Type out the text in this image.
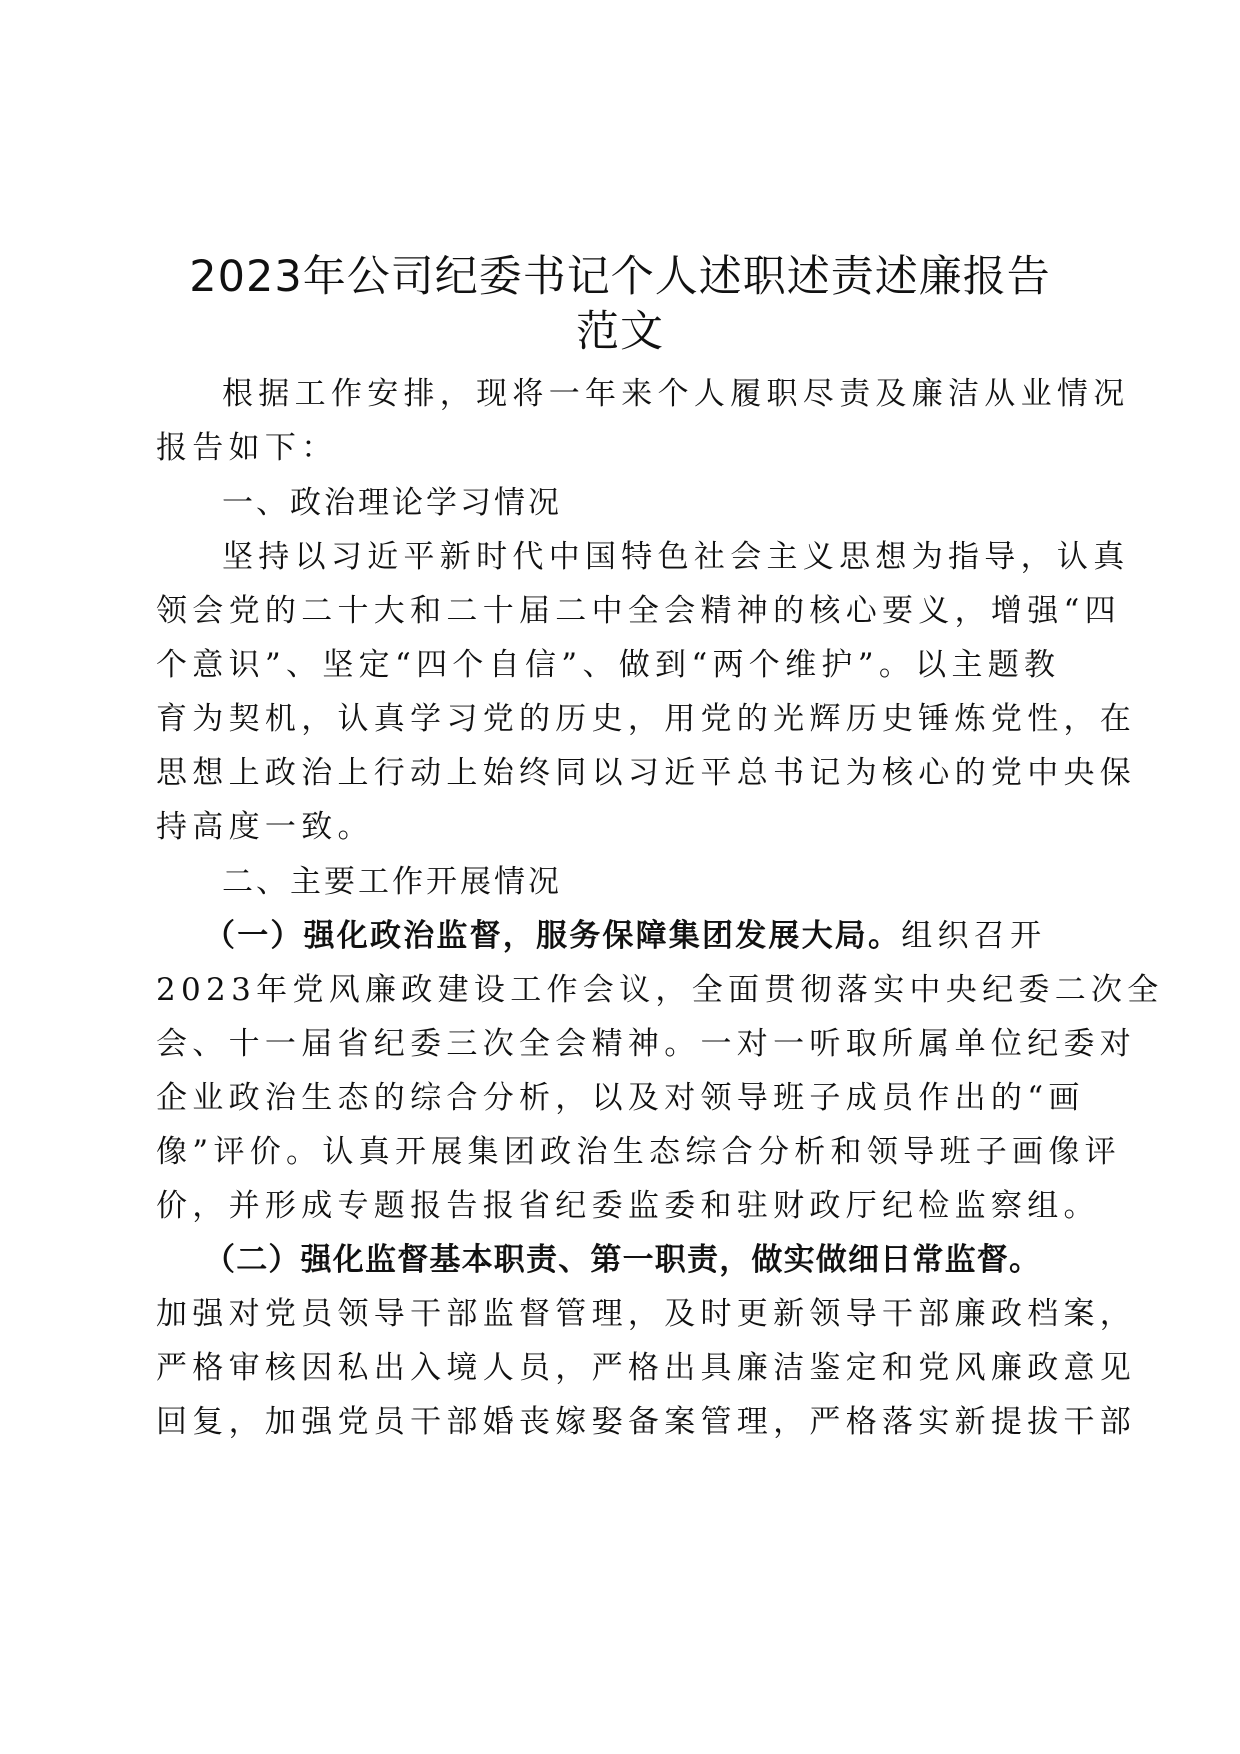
2023年公司纪委书记个人述职述责述廉报告
范文

根据工作安排，现将一年来个人履职尽责及廉洁从业情况

报告如下：

一、政治理论学习情况

坚持以习近平新时代中国特色社会主义思想为指导，认真

领会党的二十大和二十届二中全会精神的核心要义，增强“四

个意识”、坚定“四个自信”、做到“两个维护”。以主题教

育为契机，认真学习党的历史，用党的光辉历史锤炼党性，在

思想上政治上行动上始终同以习近平总书记为核心的党中央保

持高度一致。

二、主要工作开展情况

（一）强化政治监督，服务保障集团发展大局。组织召开

2023年党风廉政建设工作会议，全面贯彻落实中央纪委二次全

会、十一届省纪委三次全会精神。一对一听取所属单位纪委对

企业政治生态的综合分析，以及对领导班子成员作出的“画

像”评价。认真开展集团政治生态综合分析和领导班子画像评

价，并形成专题报告报省纪委监委和驻财政厅纪检监察组。

（二）强化监督基本职责、第一职责，做实做细日常监督。

加强对党员领导干部监督管理，及时更新领导干部廉政档案，

严格审核因私出入境人员，严格出具廉洁鉴定和党风廉政意见

回复，加强党员干部婚丧嫁娶备案管理，严格落实新提拔干部
